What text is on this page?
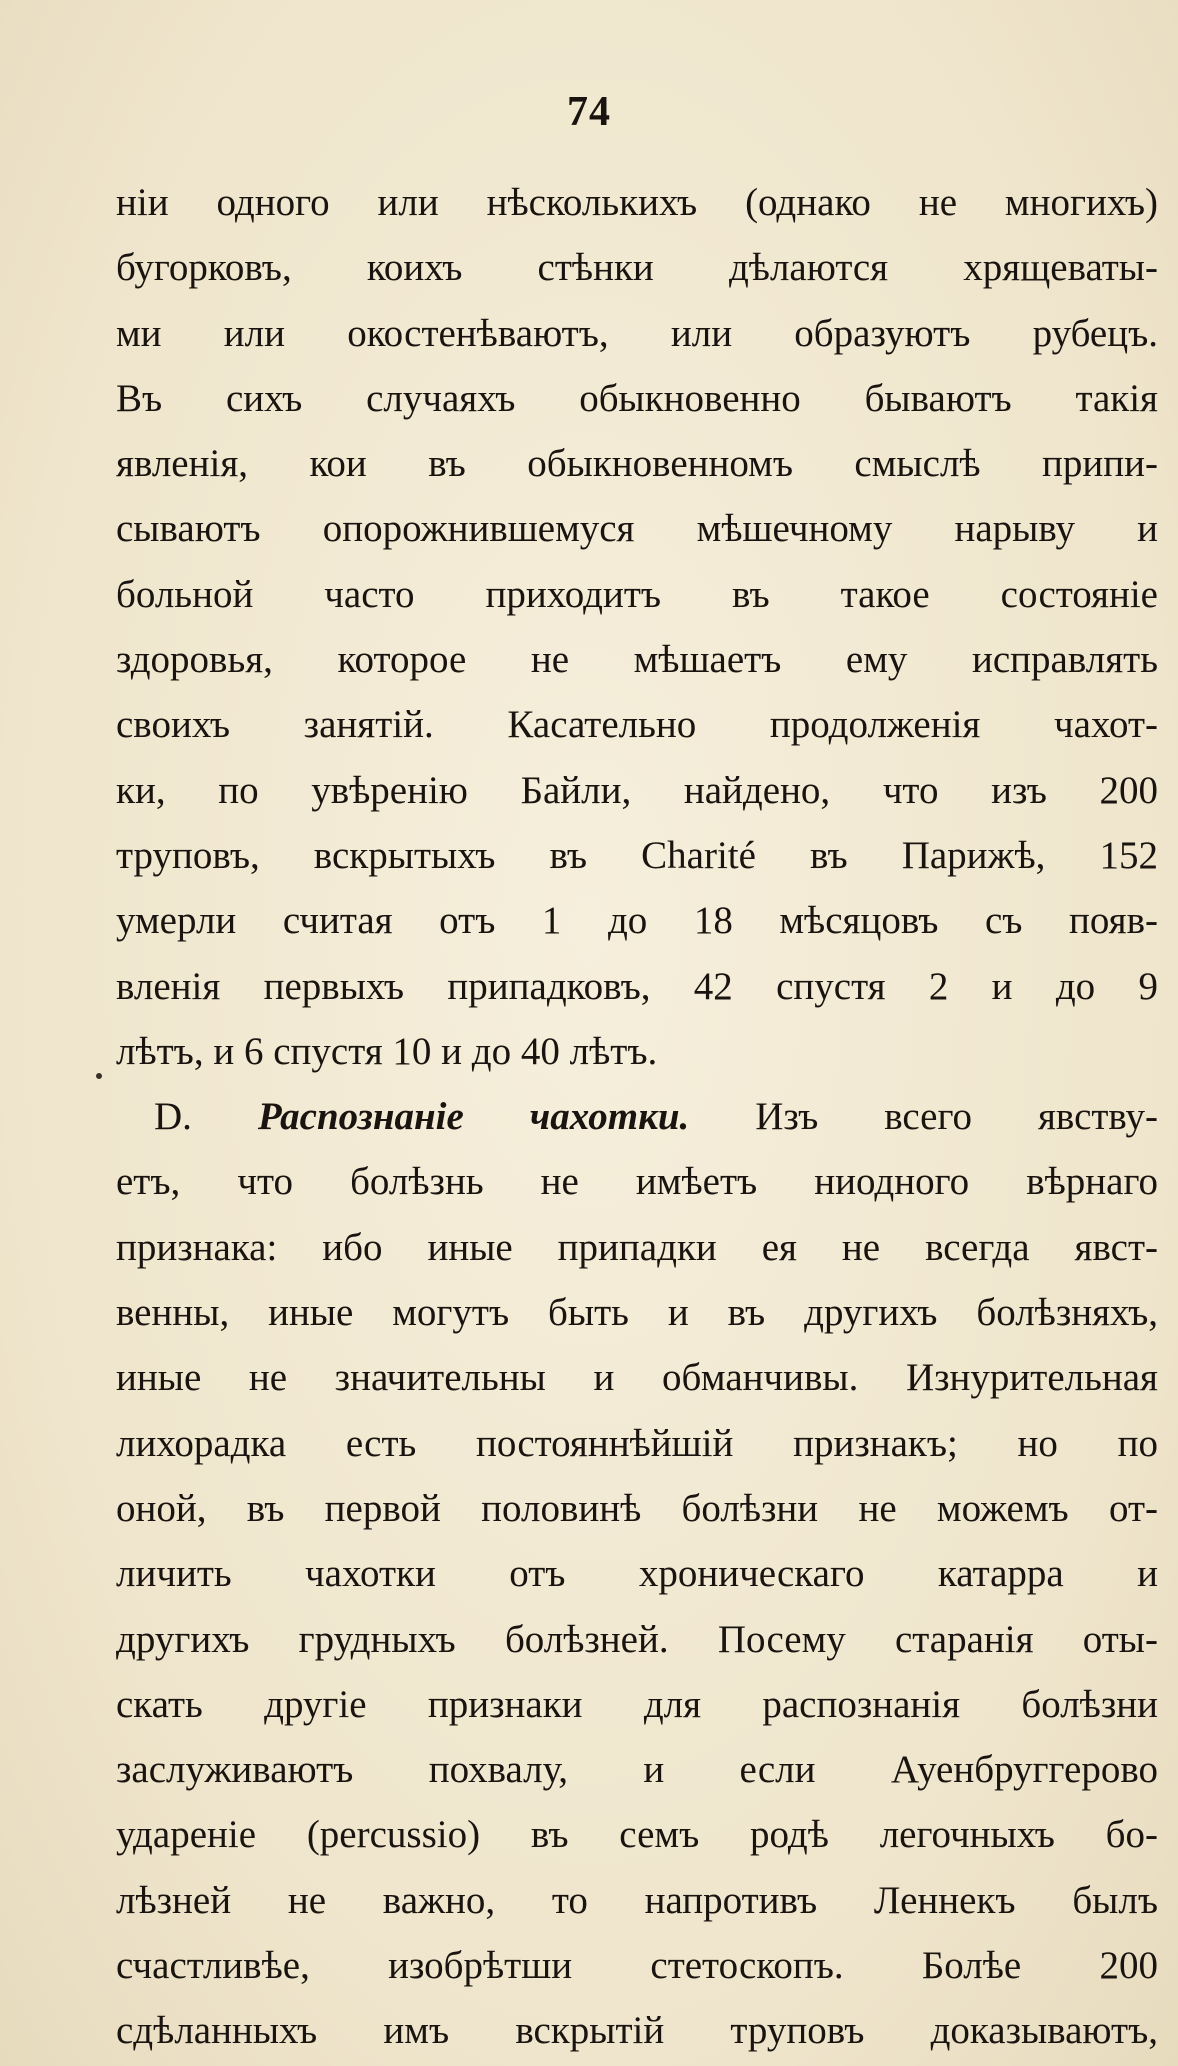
74
нiи одного или нѣсколькихъ (однако не многихъ)
бугорковъ, коихъ стѣнки дѣлаются хрящеваты-
ми или окостенѣваютъ, или образуютъ рубецъ.
Въ сихъ случаяхъ обыкновенно бываютъ такiя
явленiя, кои въ обыкновенномъ смыслѣ припи-
сываютъ опорожнившемуся мѣшечному нарыву и
больной часто приходитъ въ такое состоянiе
здоровья, которое не мѣшаетъ ему исправлять
своихъ занятiй. Касательно продолженiя чахот-
ки, по увѣренiю Байли, найдено, что изъ 200
труповъ, вскрытыхъ въ Charité въ Парижѣ, 152
умерли считая отъ 1 до 18 мѣсяцовъ съ появ-
вленiя первыхъ припадковъ, 42 спустя 2 и до 9
лѣтъ, и 6 спустя 10 и до 40 лѣтъ.
D. Распознанiе чахотки. Изъ всего явству-
етъ, что болѣзнь не имѣетъ ниодного вѣрнаго
признака: ибо иные припадки ея не всегда явст-
венны, иные могутъ быть и въ другихъ болѣзняхъ,
иные не значительны и обманчивы. Изнурительная
лихорадка есть постояннѣйшiй признакъ; но по
оной, въ первой половинѣ болѣзни не можемъ от-
личить чахотки отъ хроническаго катарра и
другихъ грудныхъ болѣзней. Посему старанiя оты-
скать другiе признаки для распознанiя болѣзни
заслуживаютъ похвалу, и если Ауенбруггерово
ударенiе (percussio) въ семъ родѣ легочныхъ бо-
лѣзней не важно, то напротивъ Леннекъ былъ
счастливѣе, изобрѣтши стетоскопъ. Болѣе 200
сдѣланныхъ имъ вскрытiй труповъ доказываютъ,
